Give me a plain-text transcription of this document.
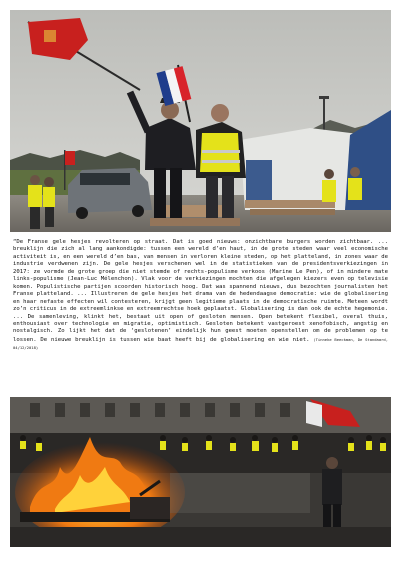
“De Franse gele hesjes revolteren op straat. Dat is goed nieuws: onzichtbare burgers worden zichtbaar. ... breuklijn die zich al lang aankondigde: tussen een wereld d’en haut, in de grote steden waar veel economische activiteit is, en een wereld d’en bas, van mensen in verloren kleine steden, op het platteland, in zones waar de industrie verdwenen zijn. De gele hesjes verschenen wel in de statistieken van de presidentsverkiezingen in 2017: ze vormde de grote groep die niet stemde of rechts-populisme verkoos (Marine Le Pen), of in mindere mate links-populisme (Jean-Luc Mélenchon). Vlak voor de verkiezingen mochten die afgelegen kiezers even op televisie komen. Populistische partijen scoorden historisch hoog. Dat was spannend nieuws, dus bezochten journalisten het Franse platteland. ... Illustreren de gele hesjes het drama van de hedendaagse democratie: wie de globalisering en haar nefaste effecten wil contesteren, krijgt geen legitieme plaats in de democratische ruimte. Meteen wordt zo’n criticus in de extreemlinkse en extreemrechtse hoek geplaatst. Globalisering is dan ook de echte hegemonie. ... De samenleving, klinkt het, bestaat uit open of gesloten mensen. Open betekent flexibel, overal thuis, enthousiast over technologie en migratie, optimistisch. Gesloten betekent vastgeroest xenofobisch, angstig en nostalgisch. Zo lijkt het dat de ‘geslotenen’ eindelijk hun geest moeten openstellen om de problemen op te lossen. De nieuwe breuklijn is tussen wie baat heeft bij de globalisering en wie niet. (Tinneke Beeckman, De Standaard, 04/12/2018)
